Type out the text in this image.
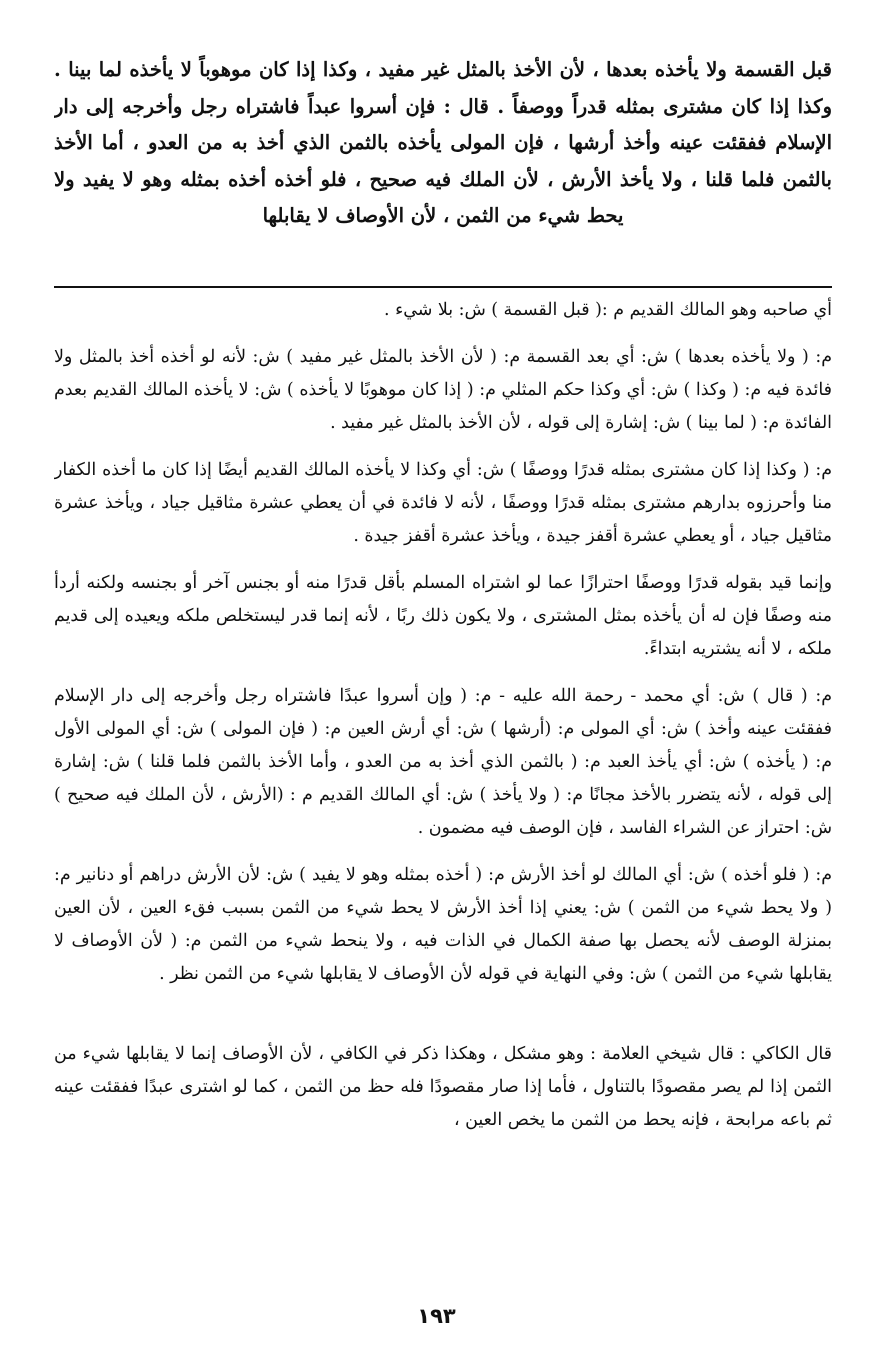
قبل القسمة ولا يأخذه بعدها ، لأن الأخذ بالمثل غير مفيد ، وكذا إذا كان موهوباً لا يأخذه لما بينا . وكذا إذا كان مشترى بمثله قدراً ووصفاً . قال : فإن أسروا عبداً فاشتراه رجل وأخرجه إلى دار الإسلام ففقئت عينه وأخذ أرشها ، فإن المولى يأخذه بالثمن الذي أخذ به من العدو ، أما الأخذ بالثمن فلما قلنا ، ولا يأخذ الأرش ، لأن الملك فيه صحيح ، فلو أخذه أخذه بمثله وهو لا يفيد ولا يحط شيء من الثمن ، لأن الأوصاف لا يقابلها

أي صاحبه وهو المالك القديم م :( قبل القسمة ) ش: بلا شيء .

م: ( ولا يأخذه بعدها ) ش: أي بعد القسمة م: ( لأن الأخذ بالمثل غير مفيد ) ش: لأنه لو أخذه أخذ بالمثل ولا فائدة فيه م: ( وكذا ) ش: أي وكذا حكم المثلي م: ( إذا كان موهوبًا لا يأخذه ) ش: لا يأخذه المالك القديم بعدم الفائدة م: ( لما بينا ) ش: إشارة إلى قوله ، لأن الأخذ بالمثل غير مفيد .

م: ( وكذا إذا كان مشترى بمثله قدرًا ووصفًا ) ش: أي وكذا لا يأخذه المالك القديم أيضًا إذا كان ما أخذه الكفار منا وأحرزوه بدارهم مشترى بمثله قدرًا ووصفًا ، لأنه لا فائدة في أن يعطي عشرة مثاقيل جياد ، ويأخذ عشرة مثاقيل جياد ، أو يعطي عشرة أقفز جيدة ، ويأخذ عشرة أقفز جيدة .

وإنما قيد بقوله قدرًا ووصفًا احترازًا عما لو اشتراه المسلم بأقل قدرًا منه أو بجنس آخر أو بجنسه ولكنه أردأ منه وصفًا فإن له أن يأخذه بمثل المشترى ، ولا يكون ذلك ربًا ، لأنه إنما قدر ليستخلص ملكه ويعيده إلى قديم ملكه ، لا أنه يشتريه ابتداءً.

م: ( قال ) ش: أي محمد - رحمة الله عليه - م: ( وإن أسروا عبدًا فاشتراه رجل وأخرجه إلى دار الإسلام ففقئت عينه وأخذ ) ش: أي المولى م: (أرشها ) ش: أي أرش العين م: ( فإن المولى ) ش: أي المولى الأول م: ( يأخذه ) ش: أي يأخذ العبد م: ( بالثمن الذي أخذ به من العدو ، وأما الأخذ بالثمن فلما قلنا ) ش: إشارة إلى قوله ، لأنه يتضرر بالأخذ مجانًا م: ( ولا يأخذ ) ش: أي المالك القديم م : (الأرش ، لأن الملك فيه صحيح ) ش: احتراز عن الشراء الفاسد ، فإن الوصف فيه مضمون .

م: ( فلو أخذه ) ش: أي المالك لو أخذ الأرش م: ( أخذه بمثله وهو لا يفيد ) ش: لأن الأرش دراهم أو دنانير م: ( ولا يحط شيء من الثمن ) ش: يعني إذا أخذ الأرش لا يحط شيء من الثمن بسبب فقء العين ، لأن العين بمنزلة الوصف لأنه يحصل بها صفة الكمال في الذات فيه ، ولا ينحط شيء من الثمن م: ( لأن الأوصاف لا يقابلها شيء من الثمن ) ش: وفي النهاية في قوله لأن الأوصاف لا يقابلها شيء من الثمن نظر .

قال الكاكي : قال شيخي العلامة : وهو مشكل ، وهكذا ذكر في الكافي ، لأن الأوصاف إنما لا يقابلها شيء من الثمن إذا لم يصر مقصودًا بالتناول ، فأما إذا صار مقصودًا فله حظ من الثمن ، كما لو اشترى عبدًا ففقئت عينه ثم باعه مرابحة ، فإنه يحط من الثمن ما يخص العين ،

١٩٣
